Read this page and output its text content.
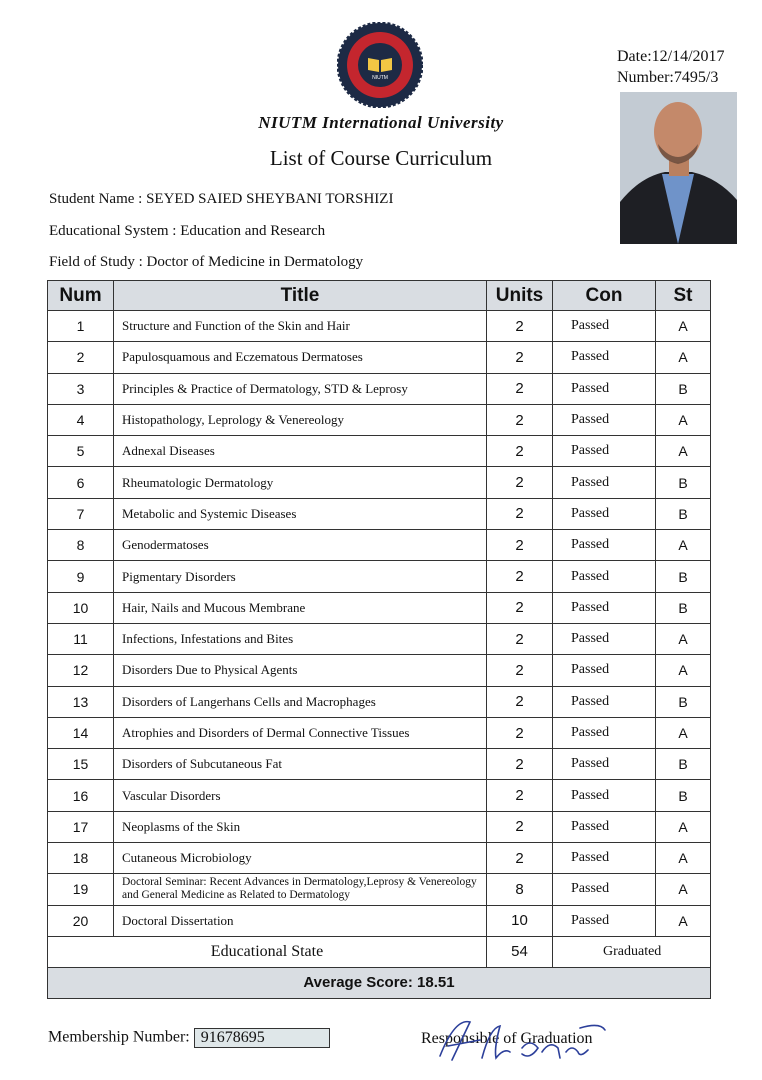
NIUTM
Date:12/14/2017
Number:7495/3
NIUTM International University
List of Course Curriculum
Student Name : SEYED SAIED SHEYBANI TORSHIZI
Educational System : Education and Research
Field of Study : Doctor of Medicine in Dermatology
Num	Title	Units	Con	St
1	Structure and Function of the Skin and Hair	2	Passed	A
2	Papulosquamous and Eczematous Dermatoses	2	Passed	A
3	Principles & Practice of Dermatology, STD & Leprosy	2	Passed	B
4	Histopathology, Leprology & Venereology	2	Passed	A
5	Adnexal Diseases	2	Passed	A
6	Rheumatologic Dermatology	2	Passed	B
7	Metabolic and Systemic Diseases	2	Passed	B
8	Genodermatoses	2	Passed	A
9	Pigmentary Disorders	2	Passed	B
10	Hair, Nails and Mucous Membrane	2	Passed	B
11	Infections, Infestations and Bites	2	Passed	A
12	Disorders Due to Physical Agents	2	Passed	A
13	Disorders of Langerhans Cells and Macrophages	2	Passed	B
14	Atrophies and Disorders of Dermal Connective Tissues	2	Passed	A
15	Disorders of Subcutaneous Fat	2	Passed	B
16	Vascular Disorders	2	Passed	B
17	Neoplasms of the Skin	2	Passed	A
18	Cutaneous Microbiology	2	Passed	A
19	Doctoral Seminar: Recent Advances in Dermatology,Leprosy & Venereology and General Medicine as Related to Dermatology	8	Passed	A
20	Doctoral Dissertation	10	Passed	A
Educational State		54	Graduated	
Average Score: 18.51				
Membership Number: 91678695	Responsible of Graduation
